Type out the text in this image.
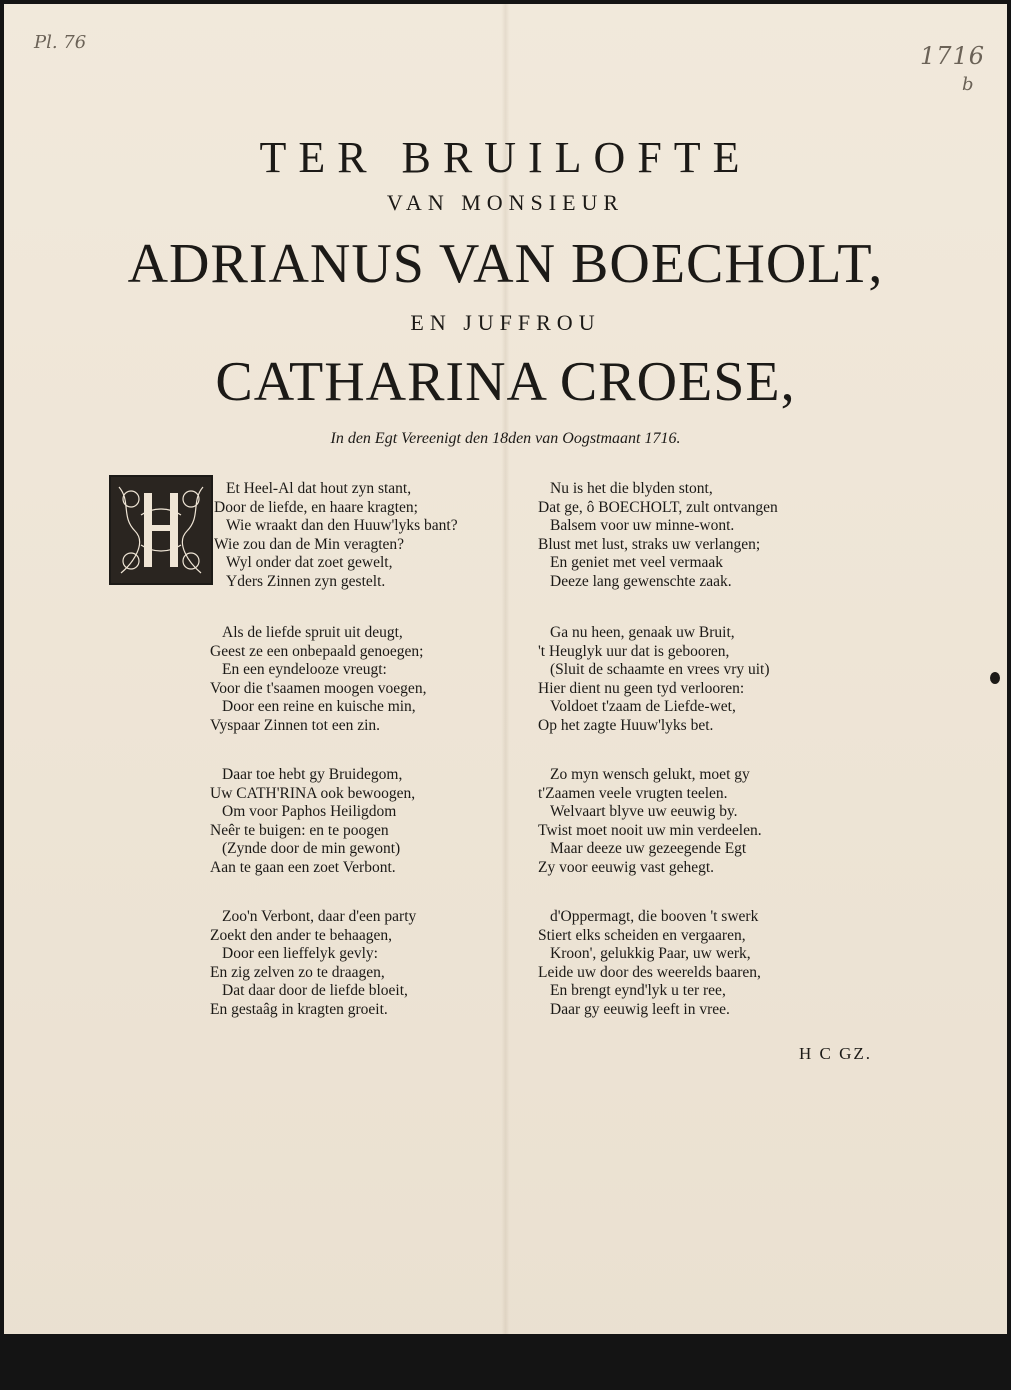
Pl. 76	1716
b
TER BRUILOFTE
VAN MONSIEUR
ADRIANUS VAN BOECHOLT,
EN JUFFROU
CATHARINA CROESE,
In den Egt Vereenigt den 18den van Oogstmaant 1716.
Et Heel-Al dat hout zyn stant,
Door de liefde, en haare kragten;
Wie wraakt dan den Huuw'lyks bant?
Wie zou dan de Min veragten?
Wyl onder dat zoet gewelt,
Yders Zinnen zyn gestelt.
Als de liefde spruit uit deugt,
Geest ze een onbepaald genoegen;
En een eyndelooze vreugt:
Voor die t'saamen moogen voegen,
Door een reine en kuische min,
Vyspaar Zinnen tot een zin.
Daar toe hebt gy Bruidegom,
Uw CATH'RINA ook bewoogen,
Om voor Paphos Heiligdom
Neêr te buigen: en te poogen
(Zynde door de min gewont)
Aan te gaan een zoet Verbont.
Zoo'n Verbont, daar d'een party
Zoekt den ander te behaagen,
Door een lieffelyk gevly:
En zig zelven zo te draagen,
Dat daar door de liefde bloeit,
En gestaâg in kragten groeit.
Nu is het die blyden stont,
Dat ge, ô BOECHOLT, zult ontvangen
Balsem voor uw minne-wont.
Blust met lust, straks uw verlangen;
En geniet met veel vermaak
Deeze lang gewenschte zaak.
Ga nu heen, genaak uw Bruit,
't Heuglyk uur dat is gebooren,
(Sluit de schaamte en vrees vry uit)
Hier dient nu geen tyd verlooren:
Voldoet t'zaam de Liefde-wet,
Op het zagte Huuw'lyks bet.
Zo myn wensch gelukt, moet gy
t'Zaamen veele vrugten teelen.
Welvaart blyve uw eeuwig by.
Twist moet nooit uw min verdeelen.
Maar deeze uw gezeegende Egt
Zy voor eeuwig vast gehegt.
d'Oppermagt, die booven 't swerk
Stiert elks scheiden en vergaaren,
Kroon', gelukkig Paar, uw werk,
Leide uw door des weerelds baaren,
En brengt eynd'lyk u ter ree,
Daar gy eeuwig leeft in vree.
H C GZ.
